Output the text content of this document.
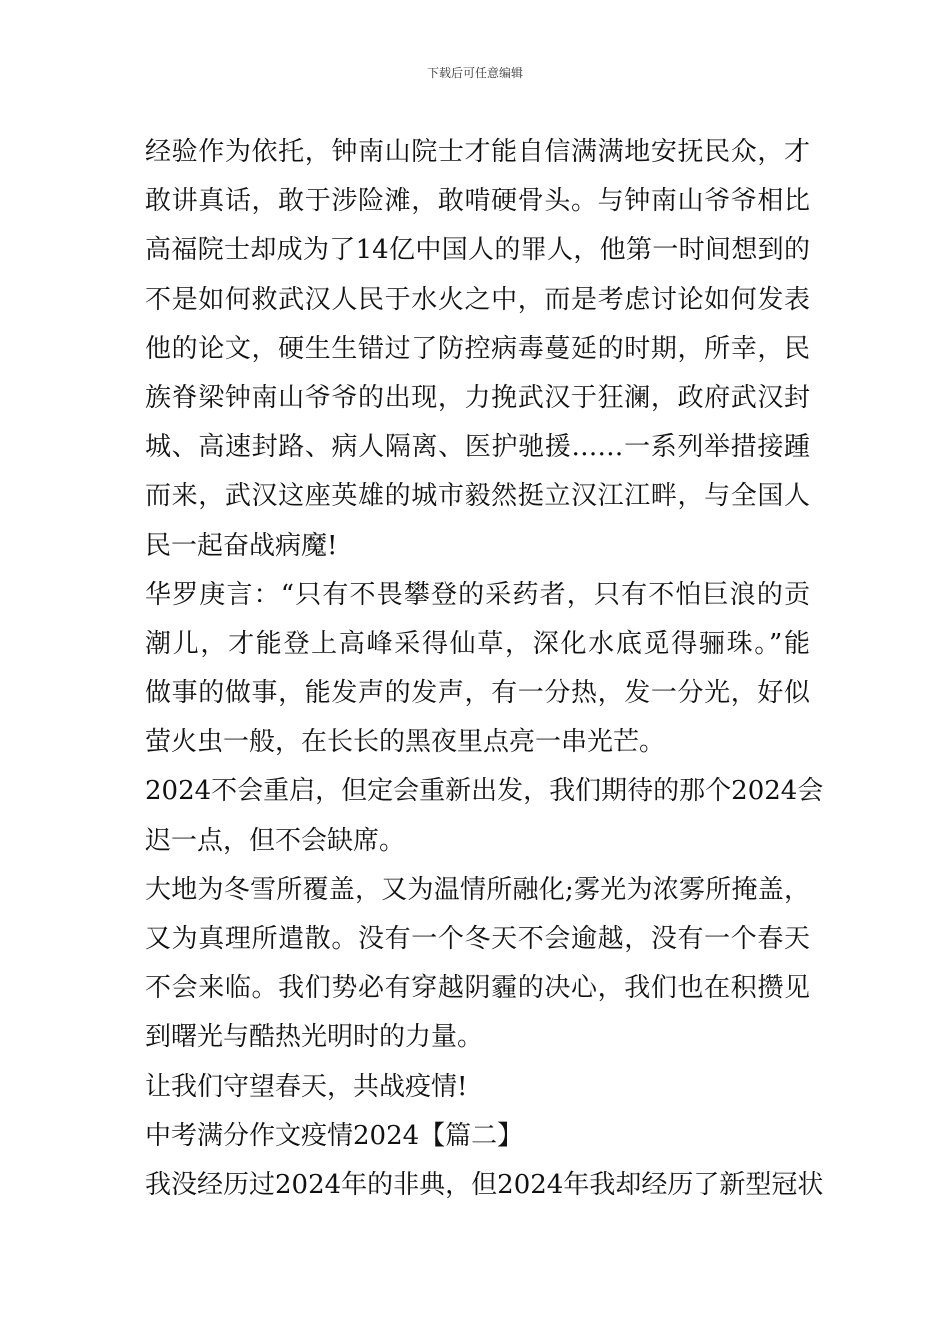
下载后可任意编辑
经验作为依托，钟南山院士才能自信满满地安抚民众，才
敢讲真话，敢于涉险滩，敢啃硬骨头。与钟南山爷爷相比
高福院士却成为了14亿中国人的罪人，他第一时间想到的
不是如何救武汉人民于水火之中，而是考虑讨论如何发表
他的论文，硬生生错过了防控病毒蔓延的时期，所幸，民
族脊梁钟南山爷爷的出现，力挽武汉于狂澜，政府武汉封
城、高速封路、病人隔离、医护驰援……一系列举措接踵
而来，武汉这座英雄的城市毅然挺立汉江江畔，与全国人
民一起奋战病魔!
华罗庚言：“只有不畏攀登的采药者，只有不怕巨浪的贡
潮儿，才能登上高峰采得仙草，深化水底觅得骊珠。”能
做事的做事，能发声的发声，有一分热，发一分光，好似
萤火虫一般，在长长的黑夜里点亮一串光芒。
2024不会重启，但定会重新出发，我们期待的那个2024会
迟一点，但不会缺席。
大地为冬雪所覆盖，又为温情所融化;雾光为浓雾所掩盖，
又为真理所遣散。没有一个冬天不会逾越，没有一个春天
不会来临。我们势必有穿越阴霾的决心，我们也在积攒见
到曙光与酷热光明时的力量。
让我们守望春天，共战疫情!
中考满分作文疫情2024【篇二】
我没经历过2024年的非典，但2024年我却经历了新型冠状
